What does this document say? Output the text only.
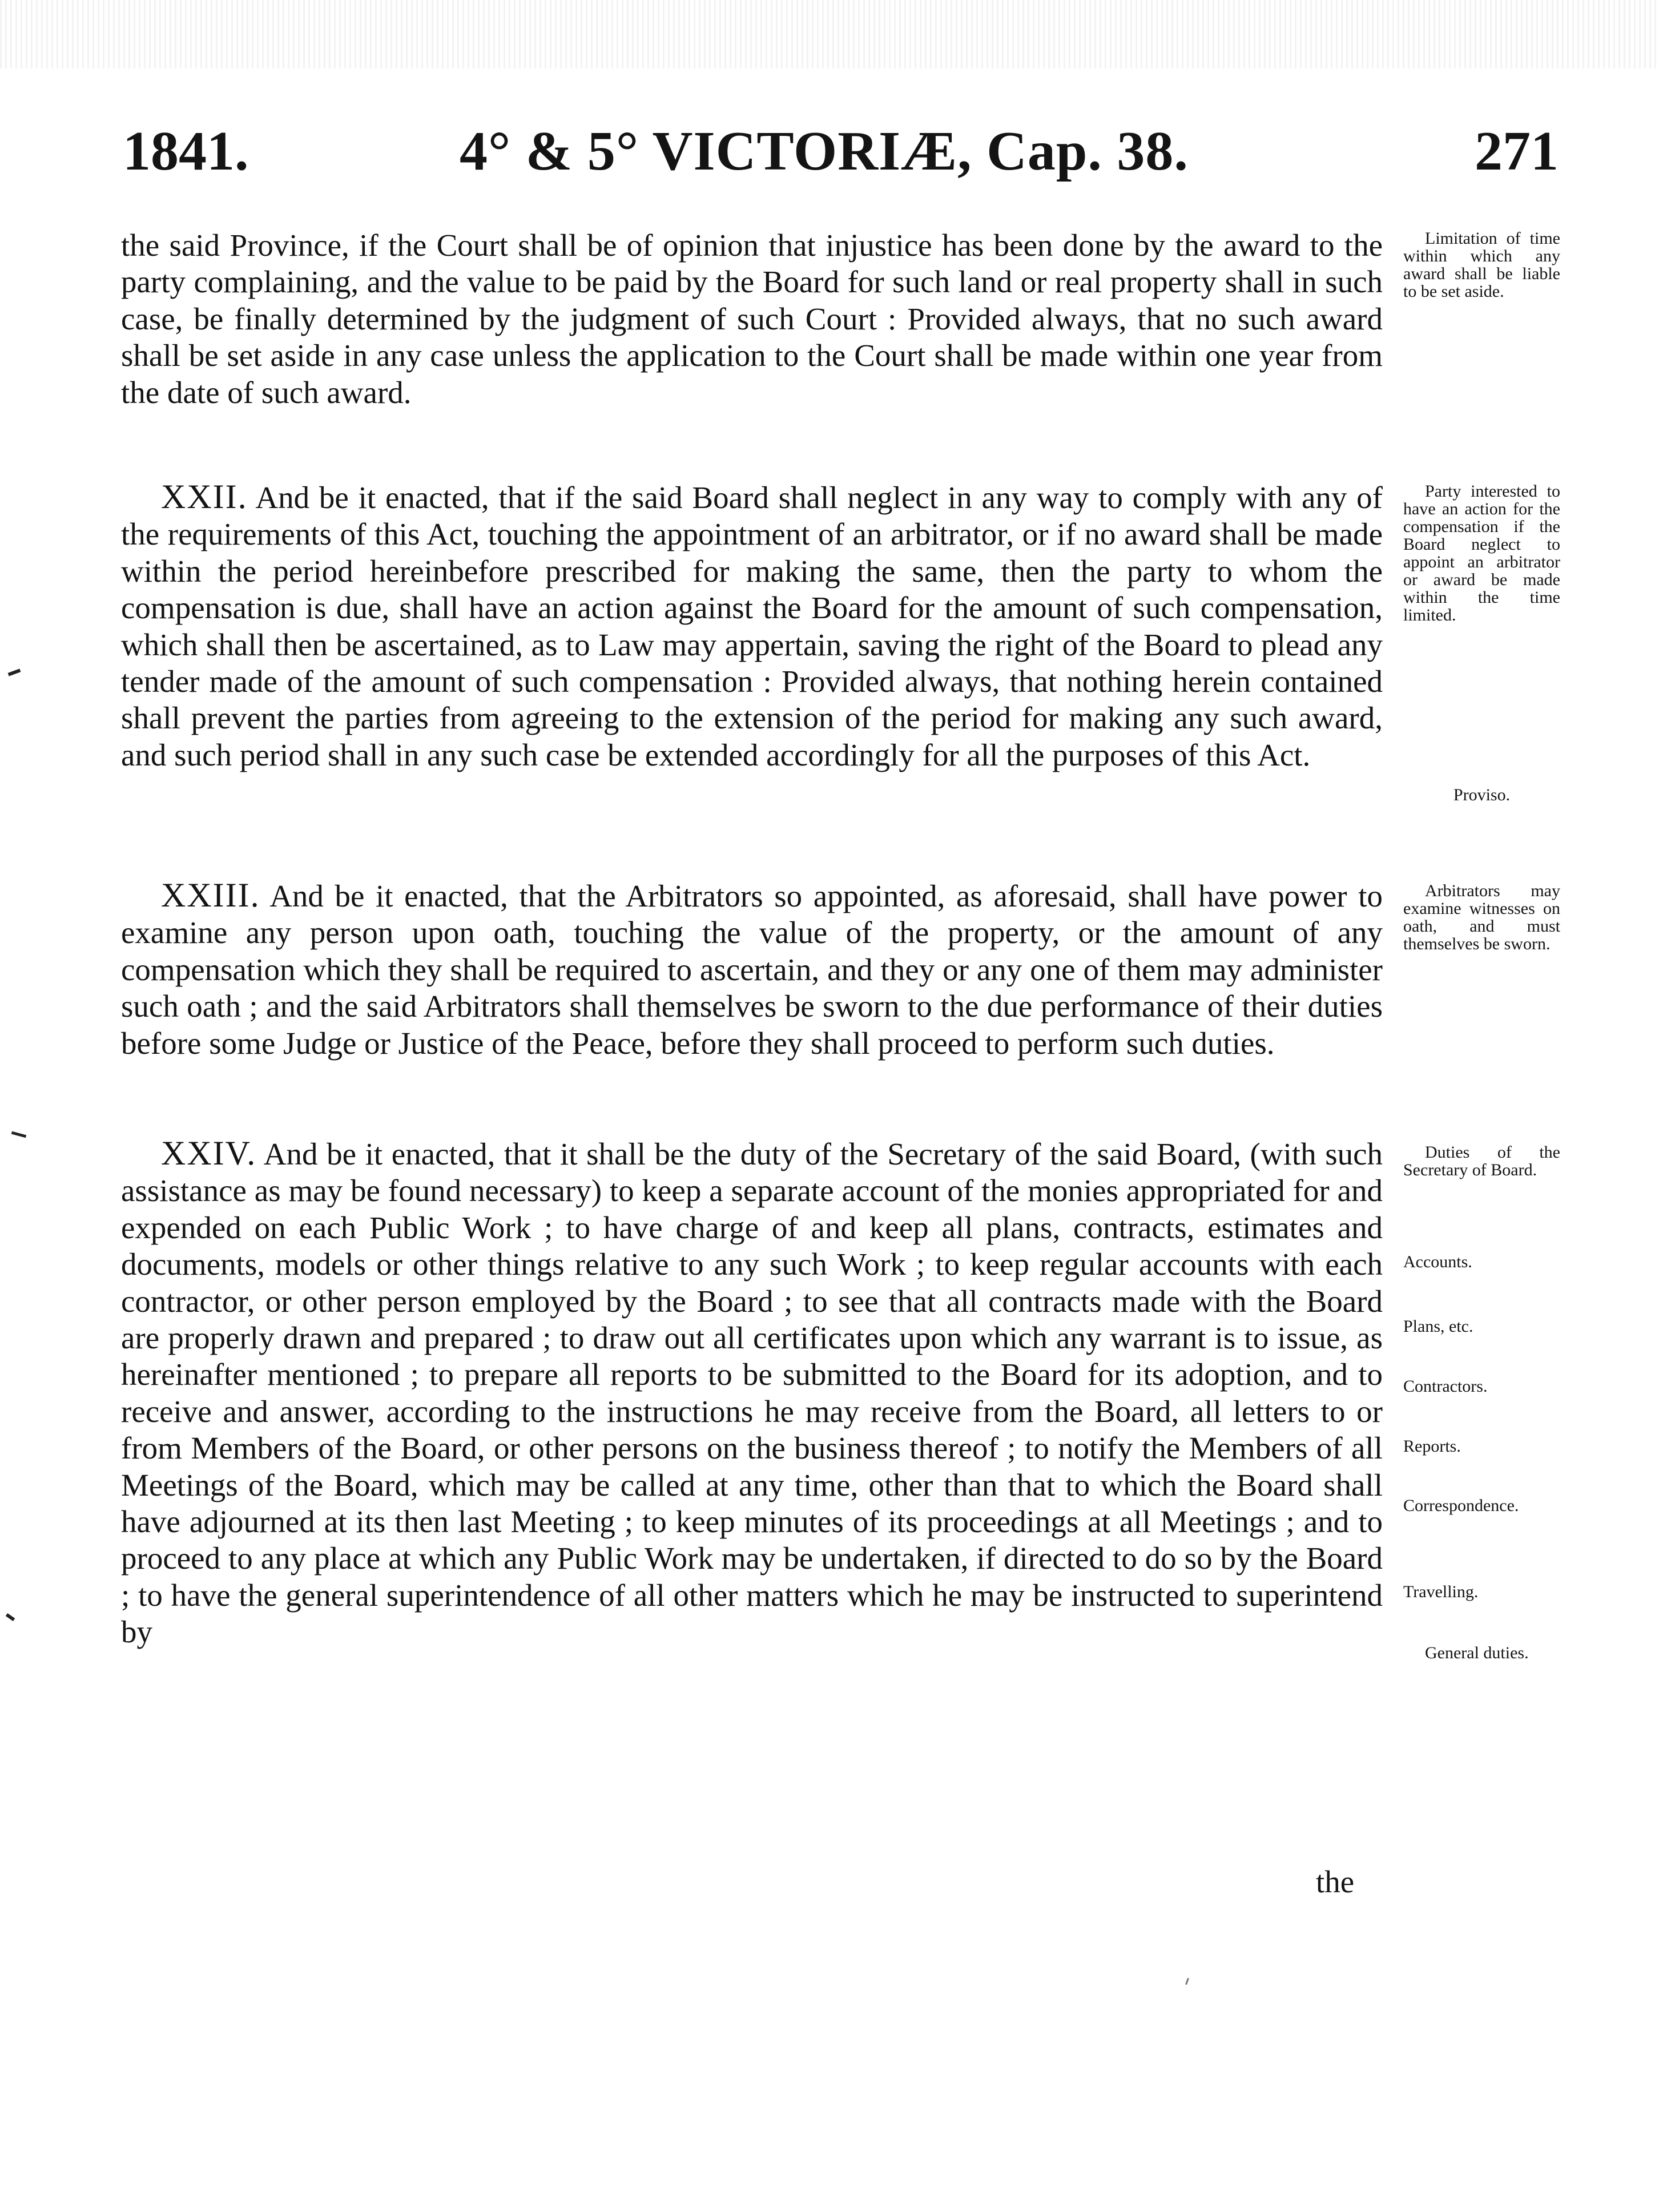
1841.	4° & 5° VICTORIÆ, Cap. 38.	271

the said Province, if the Court shall be of opinion that injustice has been done by the award to the party complaining, and the value to be paid by the Board for such land or real property shall in such case, be finally determined by the judgment of such Court : Provided always, that no such award shall be set aside in any case unless the application to the Court shall be made within one year from the date of such award.

XXII. And be it enacted, that if the said Board shall neglect in any way to comply with any of the requirements of this Act, touching the appointment of an arbitrator, or if no award shall be made within the period hereinbefore prescribed for making the same, then the party to whom the compensation is due, shall have an action against the Board for the amount of such compensation, which shall then be ascertained, as to Law may appertain, saving the right of the Board to plead any tender made of the amount of such compensation : Provided always, that nothing herein contained shall prevent the parties from agreeing to the extension of the period for making any such award, and such period shall in any such case be extended accordingly for all the purposes of this Act.

XXIII. And be it enacted, that the Arbitrators so appointed, as aforesaid, shall have power to examine any person upon oath, touching the value of the property, or the amount of any compensation which they shall be required to ascertain, and they or any one of them may administer such oath ; and the said Arbitrators shall themselves be sworn to the due performance of their duties before some Judge or Justice of the Peace, before they shall proceed to perform such duties.

XXIV. And be it enacted, that it shall be the duty of the Secretary of the said Board, (with such assistance as may be found necessary) to keep a separate account of the monies appropriated for and expended on each Public Work ; to have charge of and keep all plans, contracts, estimates and documents, models or other things relative to any such Work ; to keep regular accounts with each contractor, or other person employed by the Board ; to see that all contracts made with the Board are properly drawn and prepared ; to draw out all certificates upon which any warrant is to issue, as hereinafter mentioned ; to prepare all reports to be submitted to the Board for its adoption, and to receive and answer, according to the instructions he may receive from the Board, all letters to or from Members of the Board, or other persons on the business thereof ; to notify the Members of all Meetings of the Board, which may be called at any time, other than that to which the Board shall have adjourned at its then last Meeting ; to keep minutes of its proceedings at all Meetings ; and to proceed to any place at which any Public Work may be undertaken, if directed to do so by the Board ; to have the general superintendence of all other matters which he may be instructed to superintend by

the

Limitation of time within which any award shall be liable to be set aside.

Party interested to have an action for the compensation if the Board neglect to appoint an arbitrator or award be made within the time limited.

Proviso.

Arbitrators may examine witnesses on oath, and must themselves be sworn.

Duties of the Secretary of Board.

Accounts.

Plans, etc.

Contractors.

Reports.

Correspondence.

Travelling.

General duties.
